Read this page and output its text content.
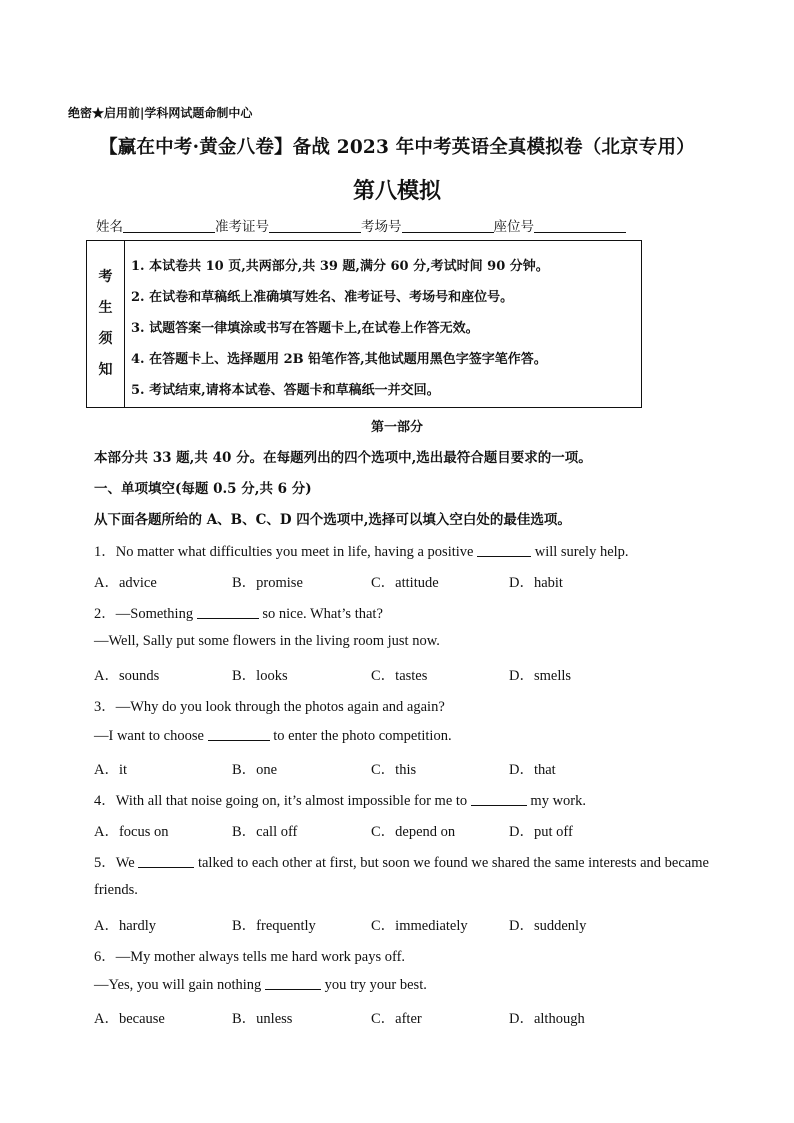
绝密★启用前|学科网试题命制中心
【赢在中考·黄金八卷】备战 2023 年中考英语全真模拟卷（北京专用）
第八模拟
姓名	准考证号	考场号	座位号
考
生
须
知
1. 本试卷共 10 页,共两部分,共 39 题,满分 60 分,考试时间 90 分钟。
2. 在试卷和草稿纸上准确填写姓名、准考证号、考场号和座位号。
3. 试题答案一律填涂或书写在答题卡上,在试卷上作答无效。
4. 在答题卡上、选择题用 2B 铅笔作答,其他试题用黑色字签字笔作答。
5. 考试结束,请将本试卷、答题卡和草稿纸一并交回。
第一部分
本部分共 33 题,共 40 分。在每题列出的四个选项中,选出最符合题目要求的一项。
一、单项填空(每题 0.5 分,共 6 分)
从下面各题所给的 A、B、C、D 四个选项中,选择可以填入空白处的最佳选项。
1．No matter what difficulties you meet in life, having a positive	will surely help.
A．advice	B．promise	C．attitude	D．habit
2．—Something	so nice. What’s that?
—Well, Sally put some flowers in the living room just now.
A．sounds	B．looks	C．tastes	D．smells
3．—Why do you look through the photos again and again?
—I want to choose	to enter the photo competition.
A．it	B．one	C．this	D．that
4．With all that noise going on, it’s almost impossible for me to	my work.
A．focus on	B．call off	C．depend on	D．put off
5．We	talked to each other at first, but soon we found we shared the same interests and became
friends.
A．hardly	B．frequently	C．immediately	D．suddenly
6．—My mother always tells me hard work pays off.
—Yes, you will gain nothing	you try your best.
A．because	B．unless	C．after	D．although
